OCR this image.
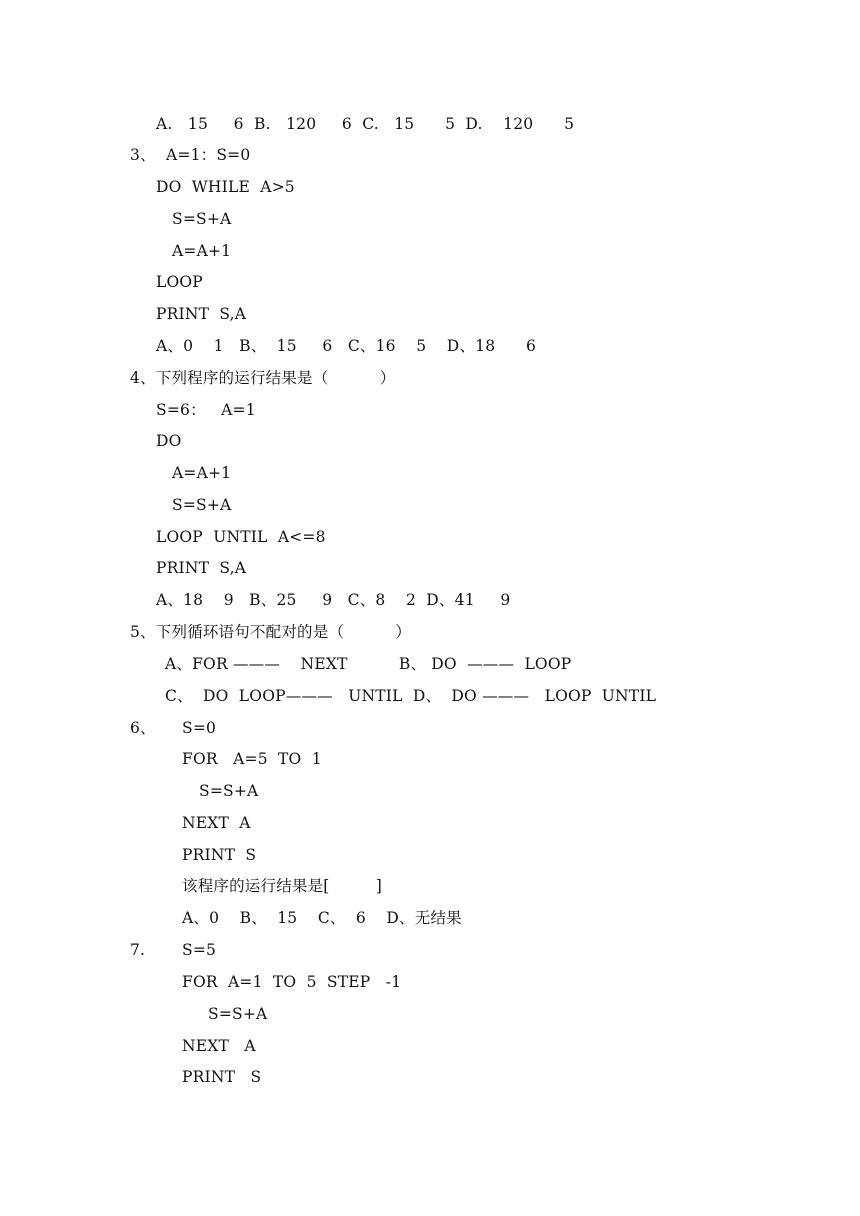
A.   15     6  B.   120     6  C.   15      5  D.    120      5
3、  A=1：S=0
DO  WHILE  A>5
S=S+A
A=A+1
LOOP
PRINT  S,A
A、0    1   B、  15     6   C、16    5    D、18      6
4、下列程序的运行结果是（          ）
S=6：   A=1
DO
A=A+1
S=S+A
LOOP  UNTIL  A<=8
PRINT  S,A
A、18    9   B、25     9   C、8    2  D、41     9
5、下列循环语句不配对的是（          ）
A、FOR ———    NEXT          B、 DO  ———  LOOP
C、  DO  LOOP———   UNTIL  D、  DO ———   LOOP  UNTIL
6、 S=0
FOR   A=5  TO  1
S=S+A
NEXT  A
PRINT  S
该程序的运行结果是[         ]
A、0    B、  15    C、  6    D、无结果
7. S=5
FOR  A=1  TO  5  STEP   -1
S=S+A
NEXT   A
PRINT   S
